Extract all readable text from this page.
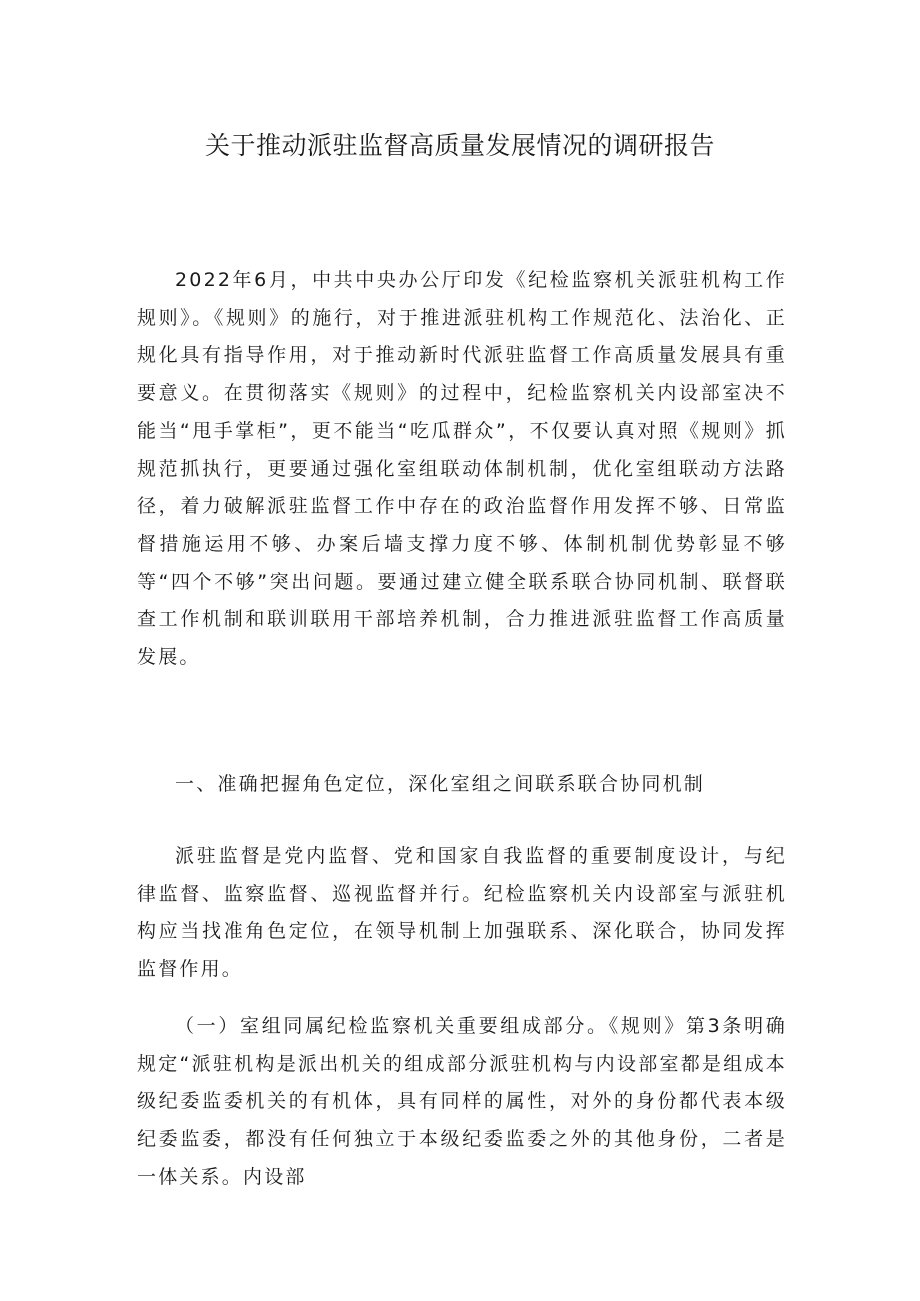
关于推动派驻监督高质量发展情况的调研报告

2022年6月，中共中央办公厅印发《纪检监察机关派驻机构工作规则》。《规则》的施行，对于推进派驻机构工作规范化、法治化、正规化具有指导作用，对于推动新时代派驻监督工作高质量发展具有重要意义。在贯彻落实《规则》的过程中，纪检监察机关内设部室决不能当“甩手掌柜”，更不能当“吃瓜群众”，不仅要认真对照《规则》抓规范抓执行，更要通过强化室组联动体制机制，优化室组联动方法路径，着力破解派驻监督工作中存在的政治监督作用发挥不够、日常监督措施运用不够、办案后墙支撑力度不够、体制机制优势彰显不够等“四个不够”突出问题。要通过建立健全联系联合协同机制、联督联查工作机制和联训联用干部培养机制，合力推进派驻监督工作高质量发展。

一、准确把握角色定位，深化室组之间联系联合协同机制

派驻监督是党内监督、党和国家自我监督的重要制度设计，与纪律监督、监察监督、巡视监督并行。纪检监察机关内设部室与派驻机构应当找准角色定位，在领导机制上加强联系、深化联合，协同发挥监督作用。

（一）室组同属纪检监察机关重要组成部分。《规则》第3条明确规定“派驻机构是派出机关的组成部分派驻机构与内设部室都是组成本级纪委监委机关的有机体，具有同样的属性，对外的身份都代表本级纪委监委，都没有任何独立于本级纪委监委之外的其他身份，二者是一体关系。内设部
